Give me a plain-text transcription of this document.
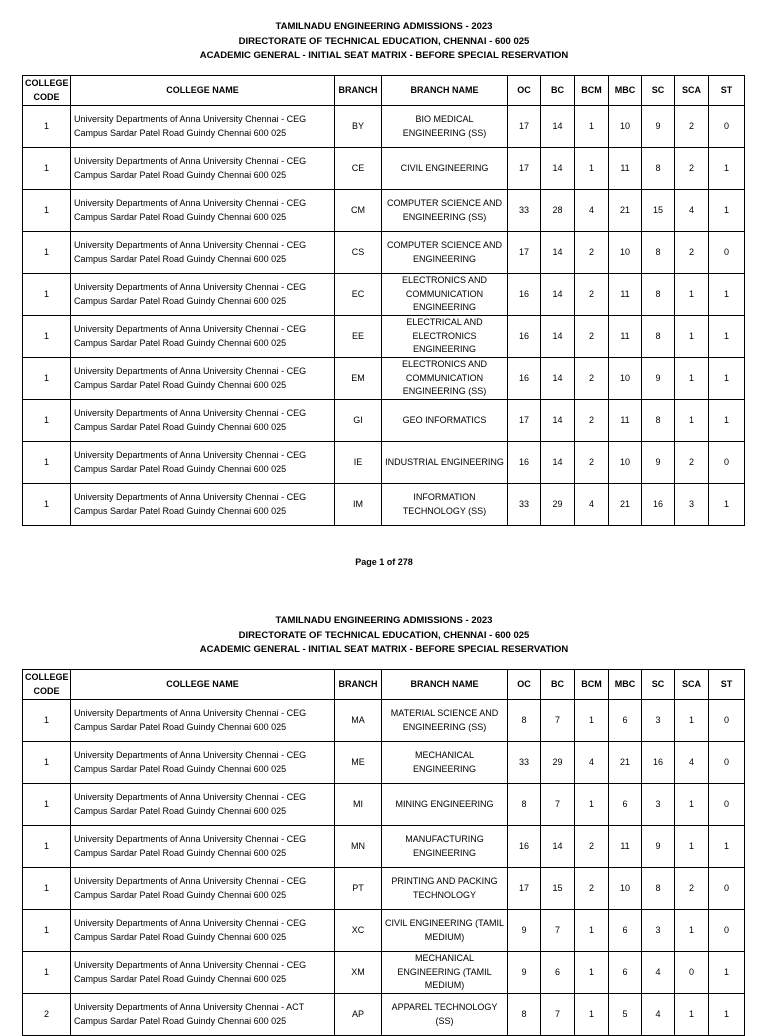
TAMILNADU ENGINEERING ADMISSIONS - 2023
DIRECTORATE OF TECHNICAL EDUCATION, CHENNAI - 600 025
ACADEMIC GENERAL - INITIAL SEAT MATRIX - BEFORE SPECIAL RESERVATION
COLLEGE CODE	COLLEGE NAME	BRANCH	BRANCH NAME	OC	BC	BCM	MBC	SC	SCA	ST
1	University Departments of Anna University Chennai - CEG Campus Sardar Patel Road Guindy Chennai 600 025	BY	BIO MEDICAL ENGINEERING (SS)	17	14	1	10	9	2	0
1	University Departments of Anna University Chennai - CEG Campus Sardar Patel Road Guindy Chennai 600 025	CE	CIVIL ENGINEERING	17	14	1	11	8	2	1
1	University Departments of Anna University Chennai - CEG Campus Sardar Patel Road Guindy Chennai 600 025	CM	COMPUTER SCIENCE AND ENGINEERING (SS)	33	28	4	21	15	4	1
1	University Departments of Anna University Chennai - CEG Campus Sardar Patel Road Guindy Chennai 600 025	CS	COMPUTER SCIENCE AND ENGINEERING	17	14	2	10	8	2	0
1	University Departments of Anna University Chennai - CEG Campus Sardar Patel Road Guindy Chennai 600 025	EC	ELECTRONICS AND COMMUNICATION ENGINEERING	16	14	2	11	8	1	1
1	University Departments of Anna University Chennai - CEG Campus Sardar Patel Road Guindy Chennai 600 025	EE	ELECTRICAL AND ELECTRONICS ENGINEERING	16	14	2	11	8	1	1
1	University Departments of Anna University Chennai - CEG Campus Sardar Patel Road Guindy Chennai 600 025	EM	ELECTRONICS AND COMMUNICATION ENGINEERING (SS)	16	14	2	10	9	1	1
1	University Departments of Anna University Chennai - CEG Campus Sardar Patel Road Guindy Chennai 600 025	GI	GEO INFORMATICS	17	14	2	11	8	1	1
1	University Departments of Anna University Chennai - CEG Campus Sardar Patel Road Guindy Chennai 600 025	IE	INDUSTRIAL ENGINEERING	16	14	2	10	9	2	0
1	University Departments of Anna University Chennai - CEG Campus Sardar Patel Road Guindy Chennai 600 025	IM	INFORMATION TECHNOLOGY (SS)	33	29	4	21	16	3	1
Page 1 of 278
TAMILNADU ENGINEERING ADMISSIONS - 2023
DIRECTORATE OF TECHNICAL EDUCATION, CHENNAI - 600 025
ACADEMIC GENERAL - INITIAL SEAT MATRIX - BEFORE SPECIAL RESERVATION
COLLEGE CODE	COLLEGE NAME	BRANCH	BRANCH NAME	OC	BC	BCM	MBC	SC	SCA	ST
1	University Departments of Anna University Chennai - CEG Campus Sardar Patel Road Guindy Chennai 600 025	MA	MATERIAL SCIENCE AND ENGINEERING (SS)	8	7	1	6	3	1	0
1	University Departments of Anna University Chennai - CEG Campus Sardar Patel Road Guindy Chennai 600 025	ME	MECHANICAL ENGINEERING	33	29	4	21	16	4	0
1	University Departments of Anna University Chennai - CEG Campus Sardar Patel Road Guindy Chennai 600 025	MI	MINING ENGINEERING	8	7	1	6	3	1	0
1	University Departments of Anna University Chennai - CEG Campus Sardar Patel Road Guindy Chennai 600 025	MN	MANUFACTURING ENGINEERING	16	14	2	11	9	1	1
1	University Departments of Anna University Chennai - CEG Campus Sardar Patel Road Guindy Chennai 600 025	PT	PRINTING AND PACKING TECHNOLOGY	17	15	2	10	8	2	0
1	University Departments of Anna University Chennai - CEG Campus Sardar Patel Road Guindy Chennai 600 025	XC	CIVIL ENGINEERING (TAMIL MEDIUM)	9	7	1	6	3	1	0
1	University Departments of Anna University Chennai - CEG Campus Sardar Patel Road Guindy Chennai 600 025	XM	MECHANICAL ENGINEERING (TAMIL MEDIUM)	9	6	1	6	4	0	1
2	University Departments of Anna University Chennai - ACT Campus Sardar Patel Road Guindy Chennai 600 025	AP	APPAREL TECHNOLOGY (SS)	8	7	1	5	4	1	1
